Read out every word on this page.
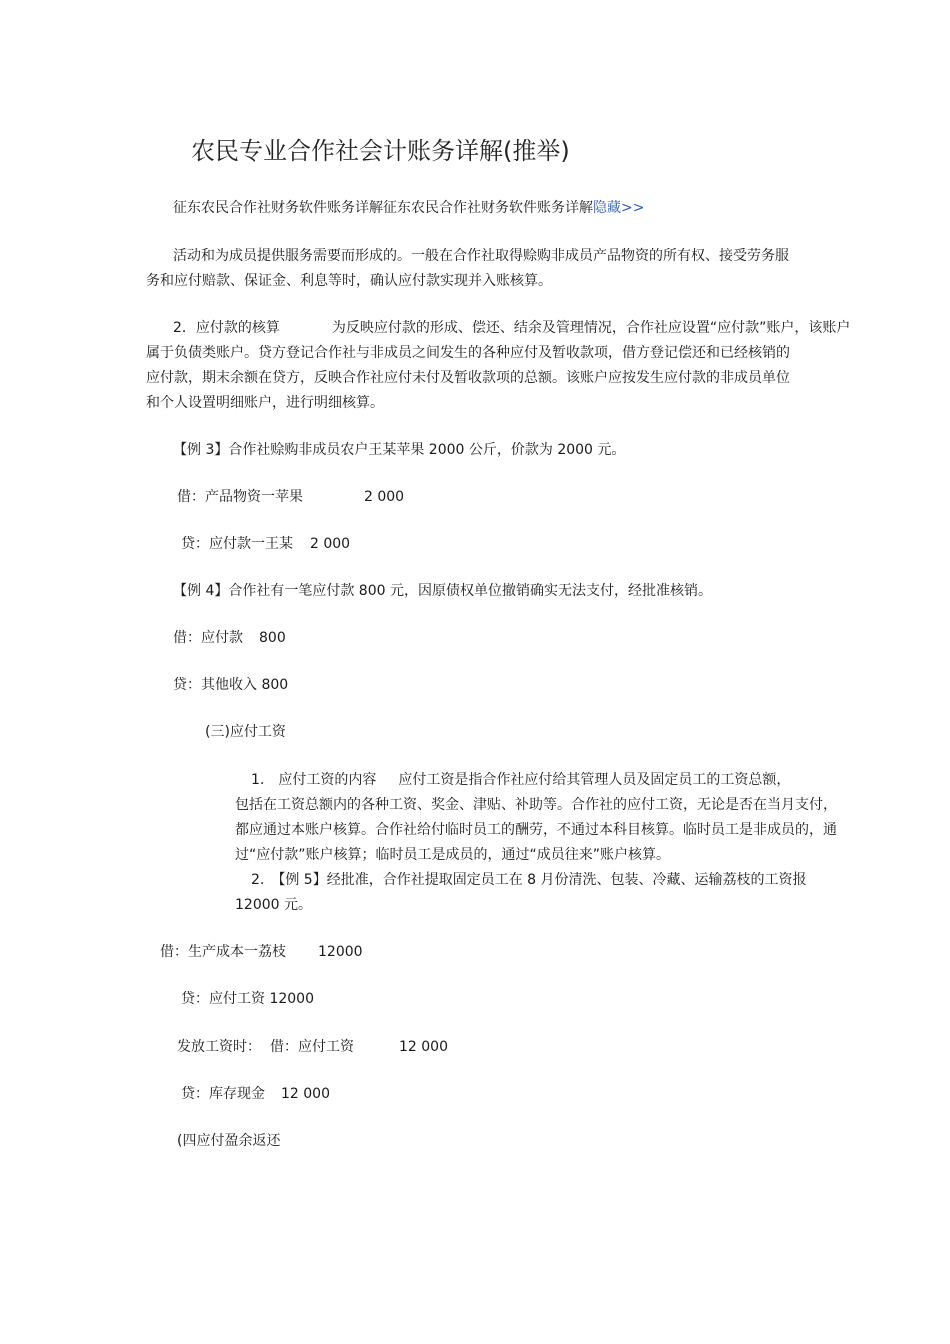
农民专业合作社会计账务详解(推举)
征东农民合作社财务软件账务详解征东农民合作社财务软件账务详解隐藏>>
活动和为成员提供服务需要而形成的。一般在合作社取得赊购非成员产品物资的所有权、接受劳务服
务和应付赔款、保证金、利息等时，确认应付款实现并入账核算。
2．应付款的核算	为反映应付款的形成、偿还、结余及管理情况，合作社应设置“应付款”账户，该账户
属于负债类账户。贷方登记合作社与非成员之间发生的各种应付及暂收款项，借方登记偿还和已经核销的
应付款，期末余额在贷方，反映合作社应付未付及暂收款项的总额。该账户应按发生应付款的非成员单位
和个人设置明细账户，进行明细核算。
【例 3】合作社赊购非成员农户王某苹果 2000 公斤，价款为 2000 元。
借：产品物资一苹果	2 000
贷：应付款一王某 2 000
【例 4】合作社有一笔应付款 800 元，因原债权单位撤销确实无法支付，经批准核销。
借：应付款 800
贷：其他收入 800
(三)应付工资
1.　应付工资的内容 应付工资是指合作社应付给其管理人员及固定员工的工资总额，
包括在工资总额内的各种工资、奖金、津贴、补助等。合作社的应付工资，无论是否在当月支付，
都应通过本账户核算。合作社给付临时员工的酬劳，不通过本科目核算。临时员工是非成员的，通
过“应付款”账户核算；临时员工是成员的，通过“成员往来”账户核算。
2.　【例 5】经批准，合作社提取固定员工在 8 月份清洗、包装、冷藏、运输荔枝的工资报
12000 元。
借：生产成本一荔枝 12000
贷：应付工资 12000
发放工资时： 借：应付工资	12 000
贷：库存现金 12 000
(四应付盈余返还
